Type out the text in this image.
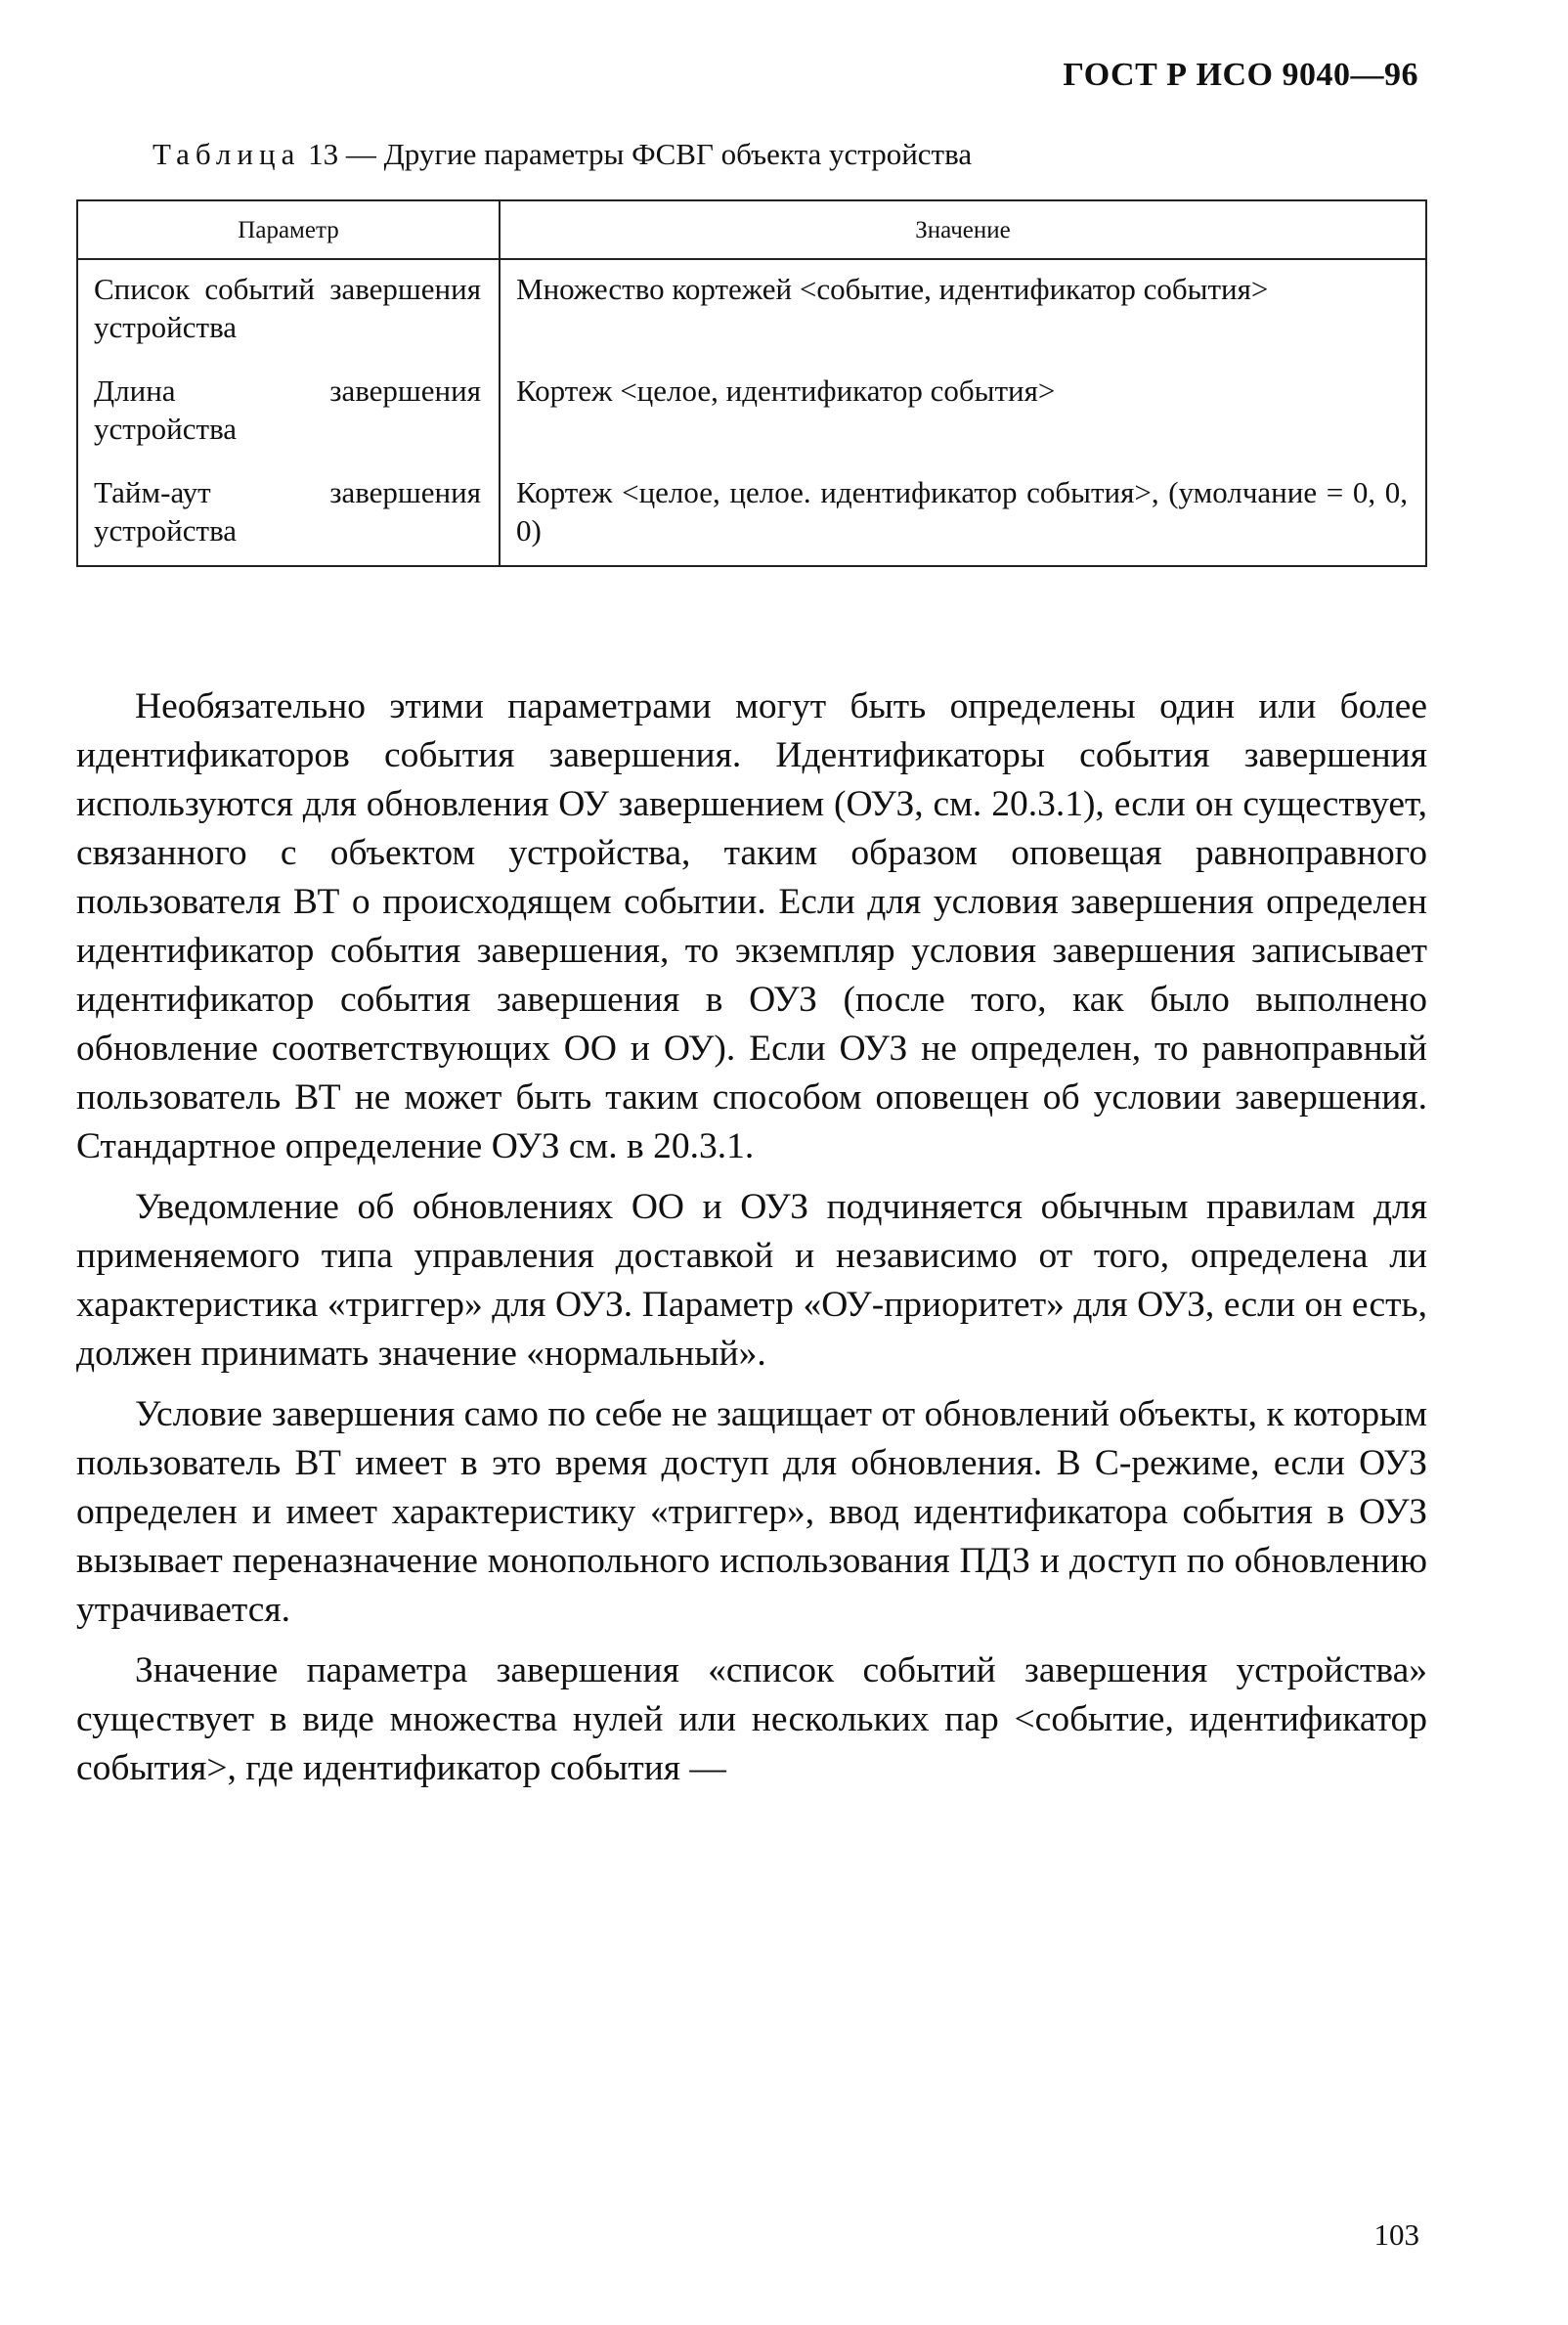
ГОСТ Р ИСО 9040—96
Таблица 13 — Другие параметры ФСВГ объекта устройства
Параметр	Значение
Список событий завершения устройства	Множество кортежей <событие, идентификатор события>
Длина завершения устройства	Кортеж <целое, идентификатор события>
Тайм-аут завершения устройства	Кортеж <целое, целое. идентификатор события>, (умолчание = 0, 0, 0)

Необязательно этими параметрами могут быть определены один или более идентификаторов события завершения. Идентификаторы события завершения используются для обновления ОУ завершением (ОУЗ, см. 20.3.1), если он существует, связанного с объектом устройства, таким образом оповещая равноправного пользователя ВТ о происходящем событии. Если для условия завершения определен идентификатор события завершения, то экземпляр условия завершения записывает идентификатор события завершения в ОУЗ (после того, как было выполнено обновление соответствующих ОО и ОУ). Если ОУЗ не определен, то равноправный пользователь ВТ не может быть таким способом оповещен об условии завершения. Стандартное определение ОУЗ см. в 20.3.1.

Уведомление об обновлениях ОО и ОУЗ подчиняется обычным правилам для применяемого типа управления доставкой и независимо от того, определена ли характеристика «триггер» для ОУЗ. Параметр «ОУ-приоритет» для ОУЗ, если он есть, должен принимать значение «нормальный».

Условие завершения само по себе не защищает от обновлений объекты, к которым пользователь ВТ имеет в это время доступ для обновления. В С-режиме, если ОУЗ определен и имеет характеристику «триггер», ввод идентификатора события в ОУЗ вызывает переназначение монопольного использования ПДЗ и доступ по обновлению утрачивается.

Значение параметра завершения «список событий завершения устройства» существует в виде множества нулей или нескольких пар <событие, идентификатор события>, где идентификатор события —

103
